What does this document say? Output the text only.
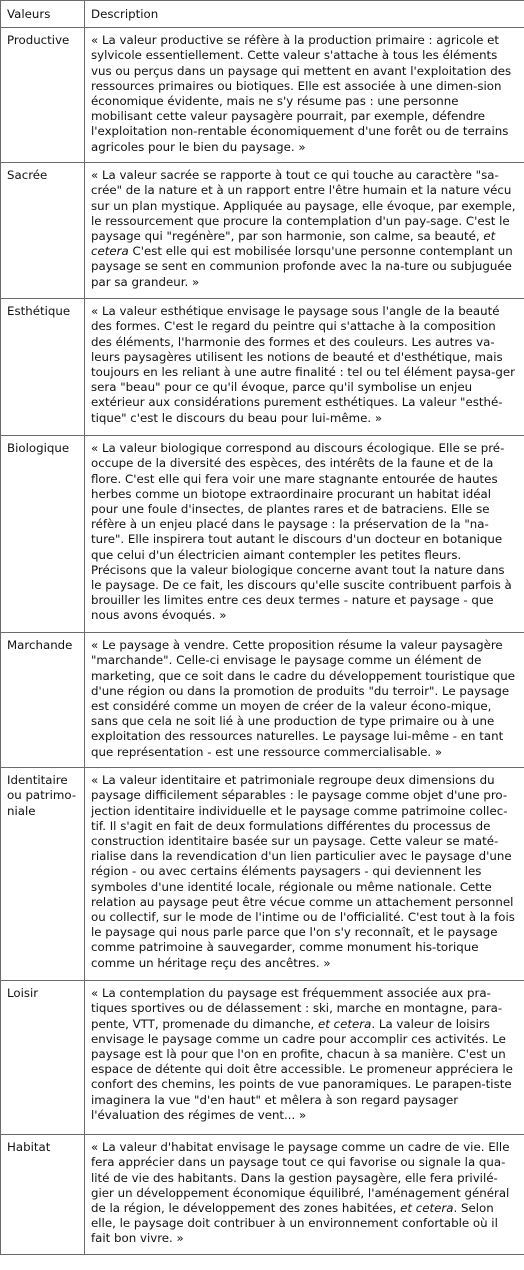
Valeurs	Description
Productive	« La valeur productive se réfère à la production primaire : agricole et sylvicole essentiellement. Cette valeur s'attache à tous les éléments vus ou perçus dans un paysage qui mettent en avant l'exploitation des ressources primaires ou biotiques. Elle est associée à une dimen-sion économique évidente, mais ne s'y résume pas : une personne mobilisant cette valeur paysagère pourrait, par exemple, défendre l'exploitation non-rentable économiquement d'une forêt ou de terrains agricoles pour le bien du paysage. »
Sacrée	« La valeur sacrée se rapporte à tout ce qui touche au caractère "sa-crée" de la nature et à un rapport entre l'être humain et la nature vécu sur un plan mystique. Appliquée au paysage, elle évoque, par exemple, le ressourcement que procure la contemplation d'un pay-sage. C'est le paysage qui "regénère", par son harmonie, son calme, sa beauté, et cetera C'est elle qui est mobilisée lorsqu'une personne contemplant un paysage se sent en communion profonde avec la na-ture ou subjuguée par sa grandeur. »
Esthétique	« La valeur esthétique envisage le paysage sous l'angle de la beauté des formes. C'est le regard du peintre qui s'attache à la composition des éléments, l'harmonie des formes et des couleurs. Les autres va-leurs paysagères utilisent les notions de beauté et d'esthétique, mais toujours en les reliant à une autre finalité : tel ou tel élément paysa-ger sera "beau" pour ce qu'il évoque, parce qu'il symbolise un enjeu extérieur aux considérations purement esthétiques. La valeur "esthé-tique" c'est le discours du beau pour lui-même. »
Biologique	« La valeur biologique correspond au discours écologique. Elle se pré-occupe de la diversité des espèces, des intérêts de la faune et de la flore. C'est elle qui fera voir une mare stagnante entourée de hautes herbes comme un biotope extraordinaire procurant un habitat idéal pour une foule d'insectes, de plantes rares et de batraciens. Elle se réfère à un enjeu placé dans le paysage : la préservation de la "na-ture". Elle inspirera tout autant le discours d'un docteur en botanique que celui d'un électricien aimant contempler les petites fleurs. Précisons que la valeur biologique concerne avant tout la nature dans le paysage. De ce fait, les discours qu'elle suscite contribuent parfois à brouiller les limites entre ces deux termes - nature et paysage - que nous avons évoqués. »
Marchande	« Le paysage à vendre. Cette proposition résume la valeur paysagère "marchande". Celle-ci envisage le paysage comme un élément de marketing, que ce soit dans le cadre du développement touristique que d'une région ou dans la promotion de produits "du terroir". Le paysage est considéré comme un moyen de créer de la valeur écono-mique, sans que cela ne soit lié à une production de type primaire ou à une exploitation des ressources naturelles. Le paysage lui-même - en tant que représentation - est une ressource commercialisable. »
Identitaire ou patrimo-niale	« La valeur identitaire et patrimoniale regroupe deux dimensions du paysage difficilement séparables : le paysage comme objet d'une pro-jection identitaire individuelle et le paysage comme patrimoine collec-tif. Il s'agit en fait de deux formulations différentes du processus de construction identitaire basée sur un paysage. Cette valeur se maté-rialise dans la revendication d'un lien particulier avec le paysage d'une région - ou avec certains éléments paysagers - qui deviennent les symboles d'une identité locale, régionale ou même nationale. Cette relation au paysage peut être vécue comme un attachement personnel ou collectif, sur le mode de l'intime ou de l'officialité. C'est tout à la fois le paysage qui nous parle parce que l'on s'y reconnaît, et le paysage comme patrimoine à sauvegarder, comme monument his-torique comme un héritage reçu des ancêtres. »
Loisir	« La contemplation du paysage est fréquemment associée aux pra-tiques sportives ou de délassement : ski, marche en montagne, para-pente, VTT, promenade du dimanche, et cetera. La valeur de loisirs envisage le paysage comme un cadre pour accomplir ces activités. Le paysage est là pour que l'on en profite, chacun à sa manière. C'est un espace de détente qui doit être accessible. Le promeneur appréciera le confort des chemins, les points de vue panoramiques. Le parapen-tiste imaginera la vue "d'en haut" et mêlera à son regard paysager l'évaluation des régimes de vent... »
Habitat	« La valeur d'habitat envisage le paysage comme un cadre de vie. Elle fera apprécier dans un paysage tout ce qui favorise ou signale la qua-lité de vie des habitants. Dans la gestion paysagère, elle fera privilé-gier un développement économique équilibré, l'aménagement général de la région, le développement des zones habitées, et cetera. Selon elle, le paysage doit contribuer à un environnement confortable où il fait bon vivre. »
